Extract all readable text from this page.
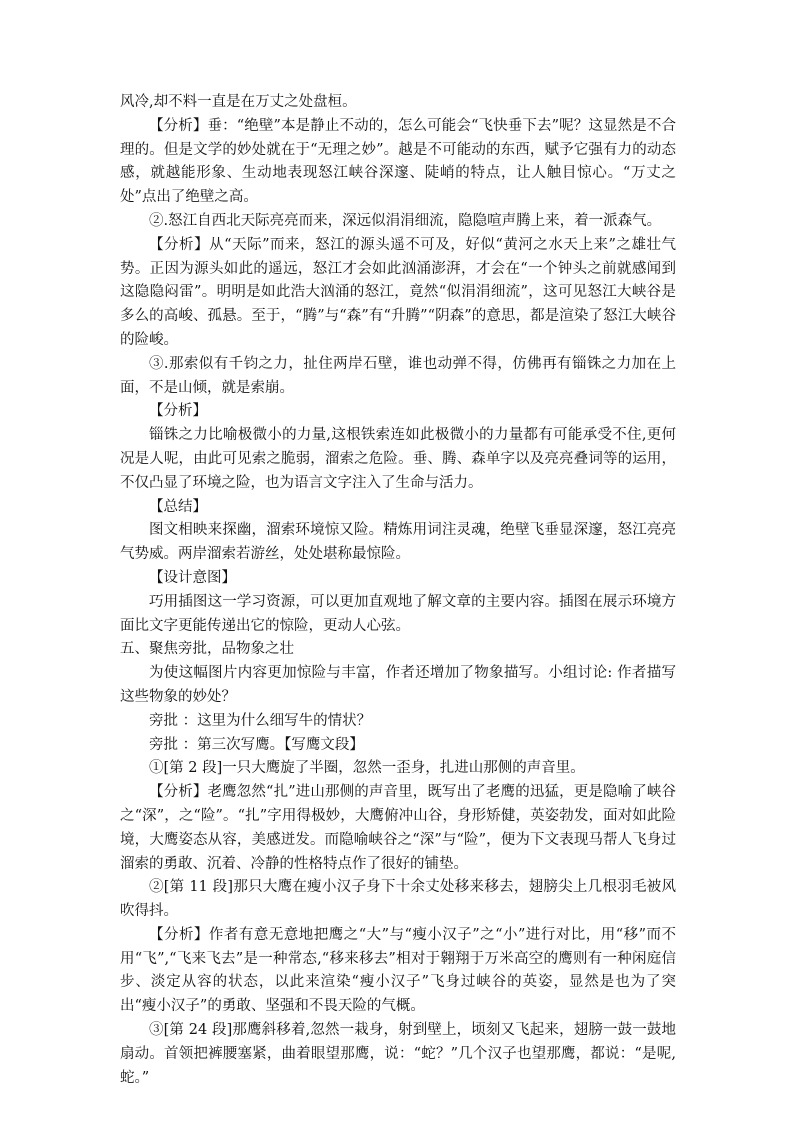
风冷,却不料一直是在万丈之处盘桓。

【分析】垂：“绝壁”本是静止不动的，怎么可能会“飞快垂下去”呢？这显然是不合理的。但是文学的妙处就在于“无理之妙”。越是不可能动的东西，赋予它强有力的动态感，就越能形象、生动地表现怒江峡谷深邃、陡峭的特点，让人触目惊心。“万丈之处”点出了绝壁之高。

②.怒江自西北天际亮亮而来，深远似涓涓细流，隐隐喧声腾上来，着一派森气。

【分析】从“天际”而来，怒江的源头遥不可及，好似“黄河之水天上来”之雄壮气势。正因为源头如此的遥远，怒江才会如此汹涌澎湃，才会在“一个钟头之前就感闻到这隐隐闷雷”。明明是如此浩大汹涌的怒江，竟然“似涓涓细流”，这可见怒江大峡谷是多么的高峻、孤悬。至于，“腾”与“森”有“升腾”“阴森”的意思，都是渲染了怒江大峡谷的险峻。

③.那索似有千钧之力，扯住两岸石壁，谁也动弹不得，仿佛再有锱铢之力加在上面，不是山倾，就是索崩。

【分析】

锱铢之力比喻极微小的力量,这根铁索连如此极微小的力量都有可能承受不住,更何况是人呢，由此可见索之脆弱，溜索之危险。垂、腾、森单字以及亮亮叠词等的运用，不仅凸显了环境之险，也为语言文字注入了生命与活力。

【总结】

图文相映来探幽，溜索环境惊又险。精炼用词注灵魂，绝壁飞垂显深邃，怒江亮亮气势威。两岸溜索若游丝，处处堪称最惊险。

【设计意图】

巧用插图这一学习资源，可以更加直观地了解文章的主要内容。插图在展示环境方面比文字更能传递出它的惊险，更动人心弦。

五、聚焦旁批，品物象之壮

为使这幅图片内容更加惊险与丰富，作者还增加了物象描写。小组讨论: 作者描写这些物象的妙处？

旁批 ：这里为什么细写牛的情状？

旁批 ：第三次写鹰。【写鹰文段】

①[第 2 段]一只大鹰旋了半圈，忽然一歪身，扎进山那侧的声音里。

【分析】老鹰忽然“扎”进山那侧的声音里，既写出了老鹰的迅猛，更是隐喻了峡谷之“深”，之“险”。“扎”字用得极妙，大鹰俯冲山谷，身形矫健，英姿勃发，面对如此险境，大鹰姿态从容，美感迸发。而隐喻峡谷之“深”与“险”，便为下文表现马帮人飞身过溜索的勇敢、沉着、冷静的性格特点作了很好的铺垫。

②[第 11 段]那只大鹰在瘦小汉子身下十余丈处移来移去，翅膀尖上几根羽毛被风吹得抖。

【分析】作者有意无意地把鹰之“大”与“瘦小汉子”之“小”进行对比，用“移”而不用“飞”,“飞来飞去”是一种常态,“移来移去”相对于翱翔于万米高空的鹰则有一种闲庭信步、淡定从容的状态，以此来渲染“瘦小汉子”飞身过峡谷的英姿，显然是也为了突出“瘦小汉子”的勇敢、坚强和不畏天险的气概。

③[第 24 段]那鹰斜移着,忽然一栽身，射到壁上，顷刻又飞起来，翅膀一鼓一鼓地扇动。首领把裤腰塞紧，曲着眼望那鹰，说：“蛇？”几个汉子也望那鹰，都说：“是呢,蛇。”
